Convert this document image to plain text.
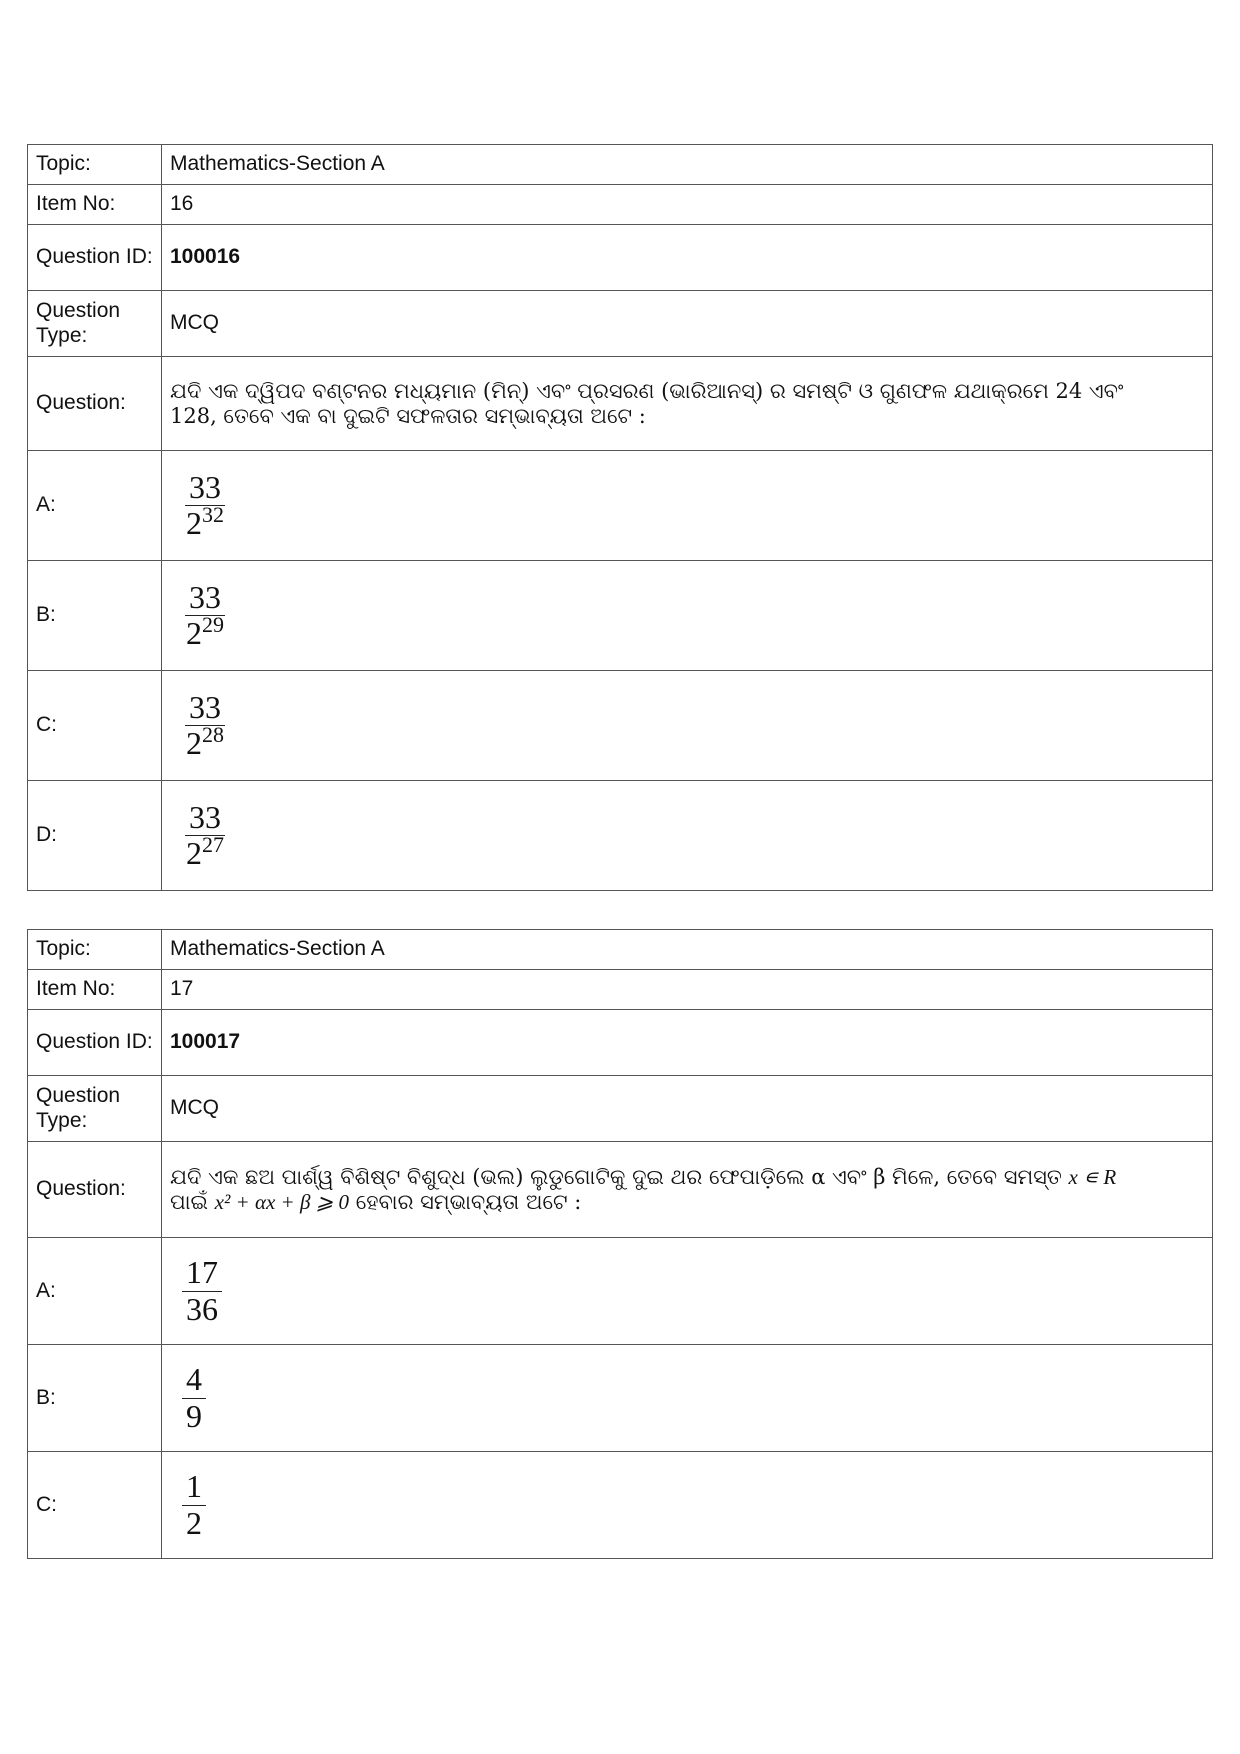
Topic:	Mathematics-Section A
Item No:	16
Question ID:	100016
Question Type:	MCQ
Question:	ଯଦି ଏକ ଦ୍ୱିପଦ ବଣ୍ଟନର ମଧ୍ୟମାନ (ମିନ୍) ଏବଂ ପ୍ରସରଣ (ଭାରିଆନସ୍) ର ସମଷ୍ଟି ଓ ଗୁଣଫଳ ଯଥାକ୍ରମେ 24 ଏବଂ
128, ତେବେ ଏକ ବା ଦୁଇଟି ସଫଳତାର ସମ୍ଭାବ୍ୟତା ଅଟେ :

A:	$\frac{33}{2^{32}}$

B:	$\frac{33}{2^{29}}$

C:	$\frac{33}{2^{28}}$

D:	$\frac{33}{2^{27}}$
Topic:	Mathematics-Section A
Item No:	17
Question ID:	100017
Question Type:	MCQ
Question:	ଯଦି ଏକ ଛଅ ପାର୍ଶ୍ୱ ବିଶିଷ୍ଟ ବିଶୁଦ୍ଧ (ଭଲ) ଲୁଡୁଗୋଟିକୁ ଦୁଇ ଥର ଫେପାଡ଼ିଲେ α ଏବଂ β ମିଳେ, ତେବେ ସମସ୍ତ x ∊ R
ପାଇଁ x² + αx + β ⩾ 0 ହେବାର ସମ୍ଭାବ୍ୟତା ଅଟେ :

A:	$\frac{17}{36}$

B:	$\frac{4}{9}$

C:	$\frac{1}{2}$
